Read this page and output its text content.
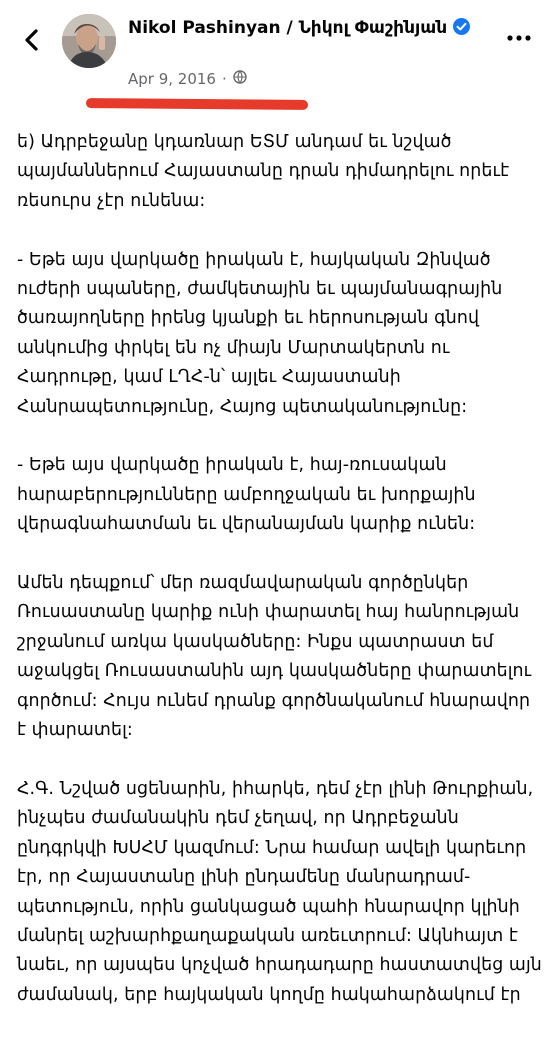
Nikol Pashinyan / Նիկոլ Փաշինյան
Apr 9, 2016 ·

ե) Ադրբեջանը կդառնար ԵՏՄ անդամ եւ նշված պայմաններում Հայաստանը դրան դիմադրելու որեւէ ռեսուրս չէր ունենա:

- Եթե այս վարկածը իրական է, հայկական Զինված ուժերի սպաները, ժամկետային եւ պայմանագրային ծառայողները իրենց կյանքի եւ հերոսության գնով անկումից փրկել են ոչ միայն Մարտակերտն ու Հադրութը, կամ ԼՂՀ-ն՝ այլեւ Հայաստանի Հանրապետությունը, Հայոց պետականությունը:

- Եթե այս վարկածը իրական է, հայ-ռուսական հարաբերությունները ամբողջական եւ խորքային վերագնահատման եւ վերանայման կարիք ունեն:

Ամեն դեպքում՝ մեր ռազմավարական գործընկեր Ռուսաստանը կարիք ունի փարատել հայ հանրության շրջանում առկա կասկածները: Ինքս պատրաստ եմ աջակցել Ռուսաստանին այդ կասկածները փարատելու գործում: Հույս ունեմ դրանք գործնականում հնարավոր է փարատել:

Հ.Գ. Նշված սցենարին, իհարկե, դեմ չէր լինի Թուրքիան, ինչպես ժամանակին դեմ չեղավ, որ Ադրբեջանն ընդգրկվի ԽՍՀՄ կազմում: Նրա համար ավելի կարեւոր էր, որ Հայաստանը լինի ընդամենը մանրադրամ-պետություն, որին ցանկացած պահի հնարավոր կլինի մանրել աշխարհքաղաքական առեւտրում: Ակնհայտ է նաեւ, որ այսպես կոչված հրադադարը հաստատվեց այն ժամանակ, երբ հայկական կողմը հակահարձակում էր
